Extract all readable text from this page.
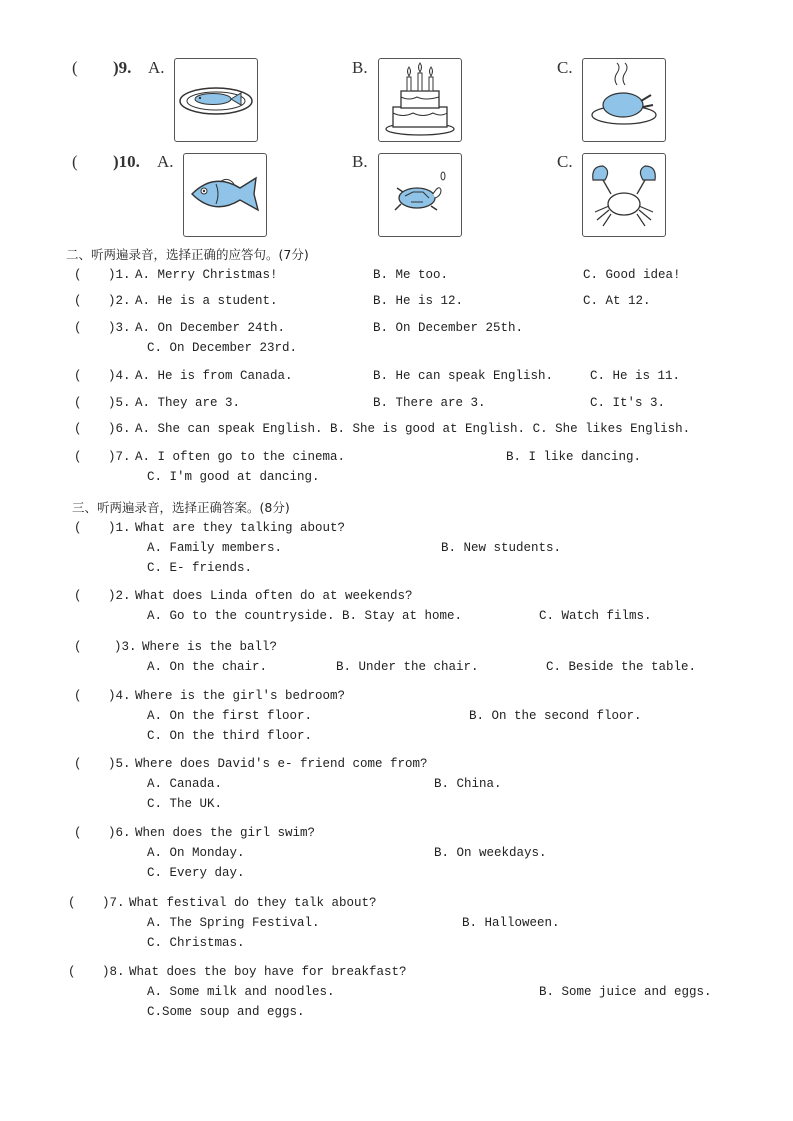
( )9. A.	B.	C.
( )10. A.	B.	C.
二、听两遍录音，选择正确的应答句。(7分)
( )1. A. Merry Christmas!	B. Me too.	C. Good idea!
( )2. A. He is a student.	B. He is 12.	C. At 12.
( )3. A. On December 24th.	B. On December 25th.
C. On December 23rd.
( )4. A. He is from Canada.	B. He can speak English.	C. He is 11.
( )5. A. They are 3.	B. There are 3.	C. It's 3.
( )6. A. She can speak English. B. She is good at English. C. She likes English.
( )7. A. I often go to the cinema.	B. I like dancing.
C. I'm good at dancing.
三、听两遍录音，选择正确答案。(8分)
( )1. What are they talking about?
A. Family members.	B. New students.
C. E- friends.
( )2. What does Linda often do at weekends?
A. Go to the countryside. B. Stay at home.	C. Watch films.
(	)3. Where is the ball?
A. On the chair.	B. Under the chair.	C. Beside the table.
( )4. Where is the girl's bedroom?
A. On the first floor.	B. On the second floor.
C. On the third floor.
( )5. Where does David's e- friend come from?
A. Canada.	B. China.
C. The UK.
( )6. When does the girl swim?
A. On Monday.	B. On weekdays.
C. Every day.
( )7. What festival do they talk about?
A. The Spring Festival.	B. Halloween.
C. Christmas.
( )8. What does the boy have for breakfast?
A. Some milk and noodles.	B. Some juice and eggs.
C.Some soup and eggs.
